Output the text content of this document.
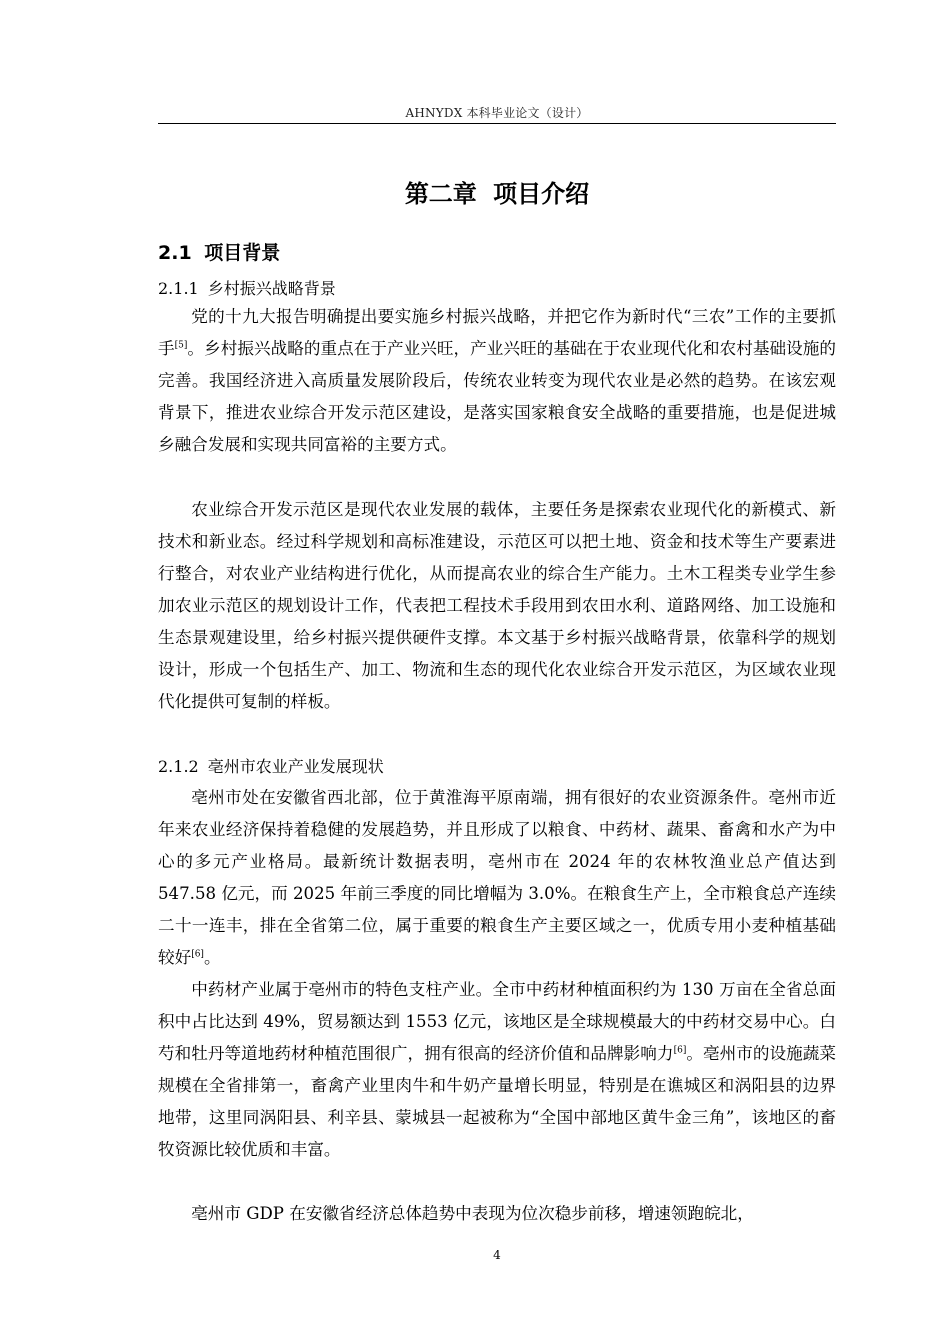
AHNYDX 本科毕业论文（设计）
第二章 项目介绍
2.1 项目背景
2.1.1 乡村振兴战略背景

党的十九大报告明确提出要实施乡村振兴战略，并把它作为新时代“三农”工作的主要抓手[5]。乡村振兴战略的重点在于产业兴旺，产业兴旺的基础在于农业现代化和农村基础设施的完善。我国经济进入高质量发展阶段后，传统农业转变为现代农业是必然的趋势。在该宏观背景下，推进农业综合开发示范区建设，是落实国家粮食安全战略的重要措施，也是促进城乡融合发展和实现共同富裕的主要方式。

农业综合开发示范区是现代农业发展的载体，主要任务是探索农业现代化的新模式、新技术和新业态。经过科学规划和高标准建设，示范区可以把土地、资金和技术等生产要素进行整合，对农业产业结构进行优化，从而提高农业的综合生产能力。土木工程类专业学生参加农业示范区的规划设计工作，代表把工程技术手段用到农田水利、道路网络、加工设施和生态景观建设里，给乡村振兴提供硬件支撑。本文基于乡村振兴战略背景，依靠科学的规划设计，形成一个包括生产、加工、物流和生态的现代化农业综合开发示范区，为区域农业现代化提供可复制的样板。

2.1.2 亳州市农业产业发展现状

亳州市处在安徽省西北部，位于黄淮海平原南端，拥有很好的农业资源条件。亳州市近年来农业经济保持着稳健的发展趋势，并且形成了以粮食、中药材、蔬果、畜禽和水产为中心的多元产业格局。最新统计数据表明，亳州市在 2024 年的农林牧渔业总产值达到 547.58 亿元，而 2025 年前三季度的同比增幅为 3.0%。在粮食生产上，全市粮食总产连续二十一连丰，排在全省第二位，属于重要的粮食生产主要区域之一，优质专用小麦种植基础较好[6]。

中药材产业属于亳州市的特色支柱产业。全市中药材种植面积约为 130 万亩在全省总面积中占比达到 49%，贸易额达到 1553 亿元，该地区是全球规模最大的中药材交易中心。白芍和牡丹等道地药材种植范围很广，拥有很高的经济价值和品牌影响力[6]。亳州市的设施蔬菜规模在全省排第一，畜禽产业里肉牛和牛奶产量增长明显，特别是在谯城区和涡阳县的边界地带，这里同涡阳县、利辛县、蒙城县一起被称为“全国中部地区黄牛金三角”，该地区的畜牧资源比较优质和丰富。

亳州市 GDP 在安徽省经济总体趋势中表现为位次稳步前移，增速领跑皖北，

4
